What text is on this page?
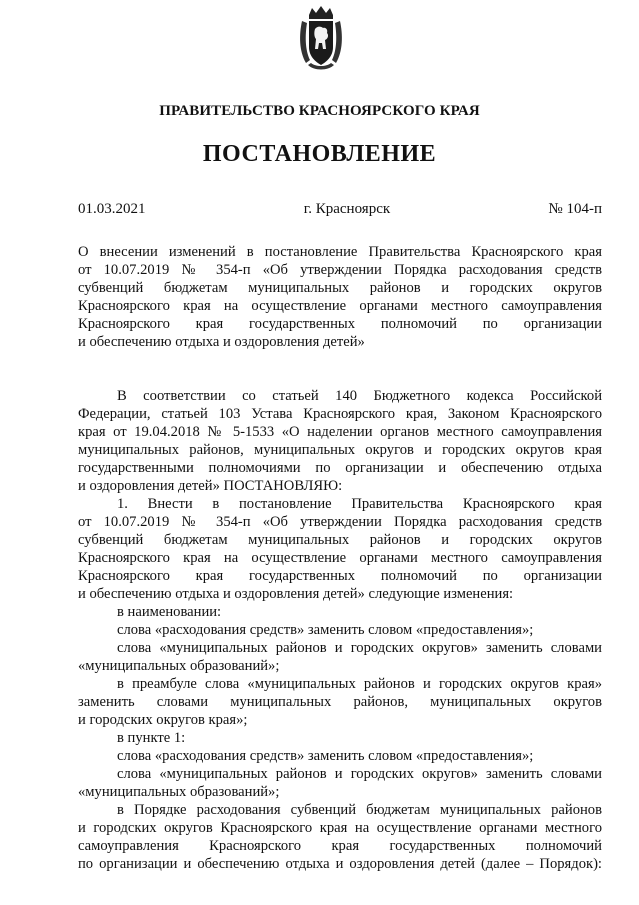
ПРАВИТЕЛЬСТВО КРАСНОЯРСКОГО КРАЯ
ПОСТАНОВЛЕНИЕ
01.03.2021	г. Красноярск	№ 104-п
О внесении изменений в постановление Правительства Красноярского края
от 10.07.2019 № 354-п «Об утверждении Порядка расходования средств
субвенций бюджетам муниципальных районов и городских округов
Красноярского края на осуществление органами местного самоуправления
Красноярского края государственных полномочий по организации
и обеспечению отдыха и оздоровления детей»
В соответствии со статьей 140 Бюджетного кодекса Российской
Федерации, статьей 103 Устава Красноярского края, Законом Красноярского
края от 19.04.2018 № 5-1533 «О наделении органов местного самоуправления
муниципальных районов, муниципальных округов и городских округов края
государственными полномочиями по организации и обеспечению отдыха
и оздоровления детей» ПОСТАНОВЛЯЮ:
1. Внести в постановление Правительства Красноярского края
от 10.07.2019 № 354-п «Об утверждении Порядка расходования средств
субвенций бюджетам муниципальных районов и городских округов
Красноярского края на осуществление органами местного самоуправления
Красноярского края государственных полномочий по организации
и обеспечению отдыха и оздоровления детей» следующие изменения:
в наименовании:
слова «расходования средств» заменить словом «предоставления»;
слова «муниципальных районов и городских округов» заменить словами
«муниципальных образований»;
в преамбуле слова «муниципальных районов и городских округов края»
заменить словами муниципальных районов, муниципальных округов
и городских округов края»;
в пункте 1:
слова «расходования средств» заменить словом «предоставления»;
слова «муниципальных районов и городских округов» заменить словами
«муниципальных образований»;
в Порядке расходования субвенций бюджетам муниципальных районов
и городских округов Красноярского края на осуществление органами местного
самоуправления Красноярского края государственных полномочий
по организации и обеспечению отдыха и оздоровления детей (далее – Порядок):
